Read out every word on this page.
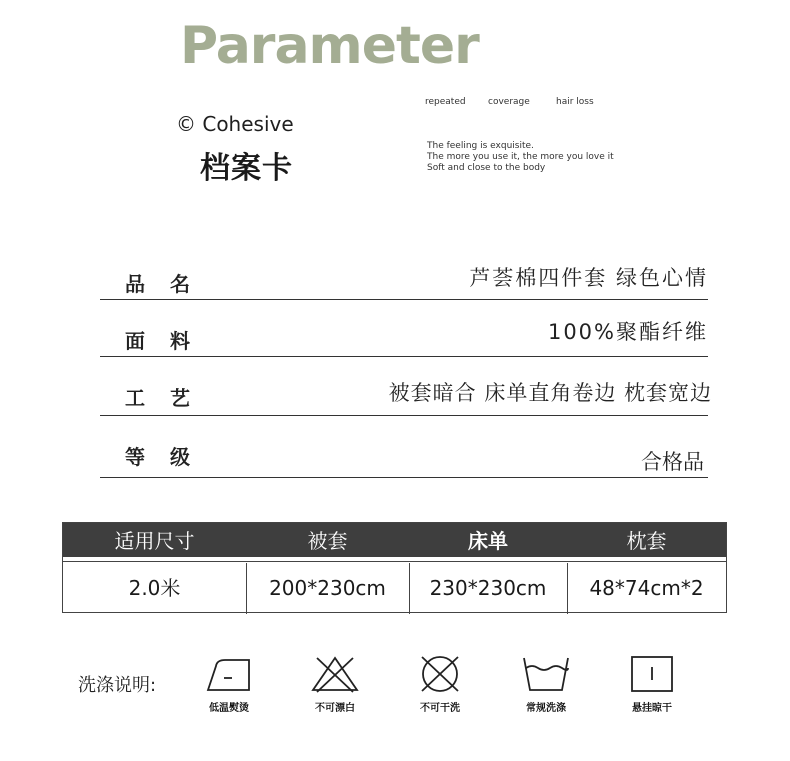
Parameter
© Cohesive
档案卡
repeated coverage	hair loss
The feeling is exquisite.
The more you use it, the more you love it
Soft and close to the body
品名	芦荟棉四件套 绿色心情
面料	100%聚酯纤维
工艺	被套暗合 床单直角卷边 枕套宽边
等级	合格品
适用尺寸	被套	床单	枕套
2.0米	200*230cm	230*230cm	48*74cm*2
洗涤说明:
低温熨烫	不可漂白	不可干洗	常规洗涤	悬挂晾干
